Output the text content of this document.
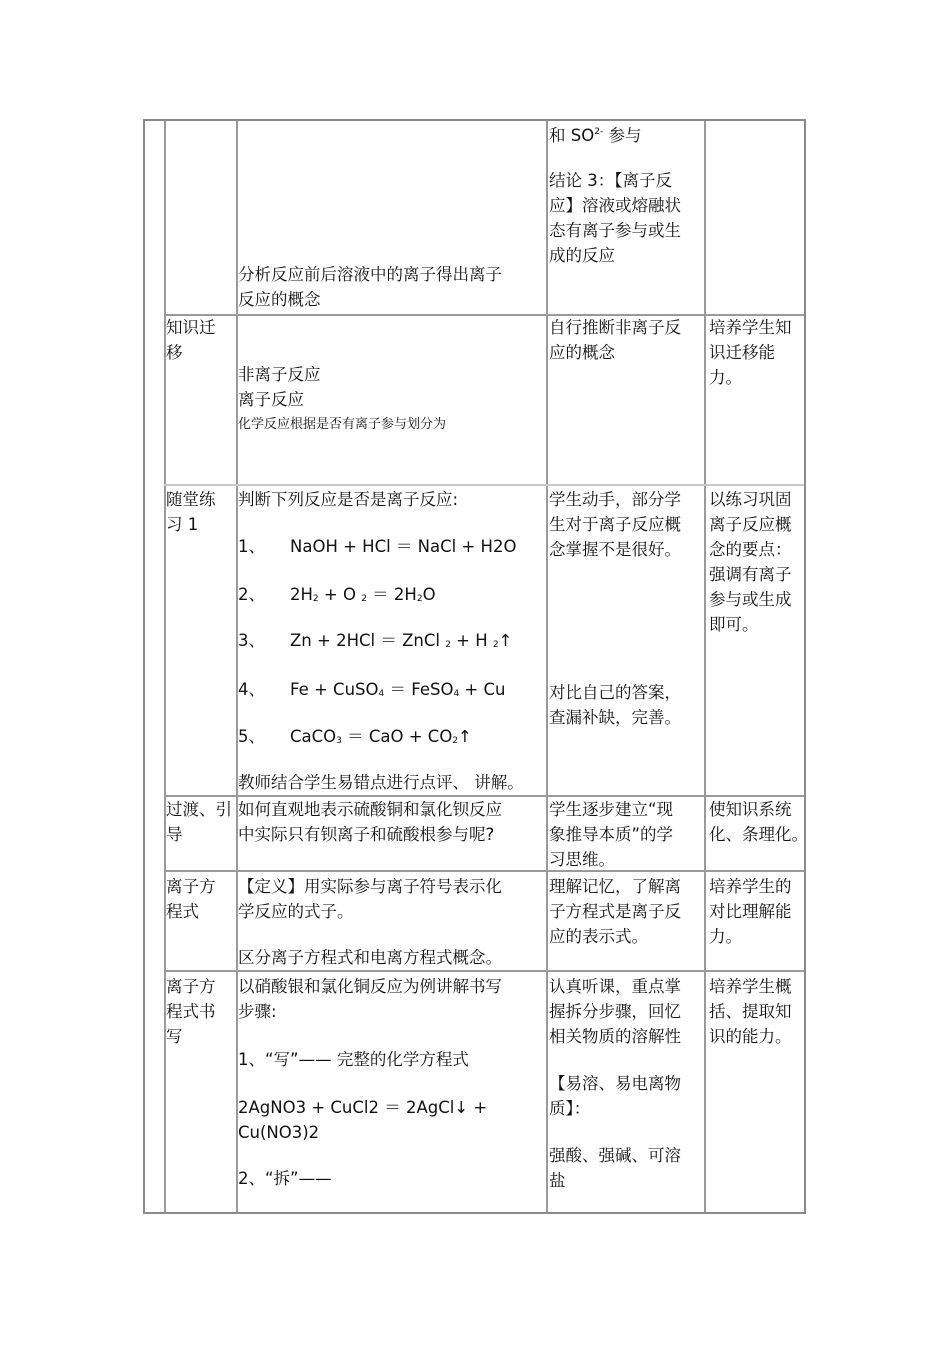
分析反应前后溶液中的离子得出离子
和 $SO^{2-}$ 参与
结论 3：【离子反
应】溶液或熔融状
态有离子参与或生
成的反应
知识迁
移
非离子反应
离子反应
化学反应根据是否有离子参与划分为
自行推断非离子反
应的概念
培养学生知
识迁移能
力。
随堂练
习 1
判断下列反应是否是离子反应:
1、 NaOH + HCl ＝ NaCl + H2O
2、 $2H_2 + O$ $_2 = 2H_2O$
3、 Zn + 2HCl ＝ ZnCl $_2$ + H $_2$↑
4、 Fe + CuSO$_4$ ＝ FeSO$_4$ + Cu
5、 CaCO$_3$ ＝ CaO + $CO_2↑$
教师结合学生易错点进行点评、 讲解。
学生动手，部分学
生对于离子反应概
念掌握不是很好。
对比自己的答案，
查漏补缺，完善。
以练习巩固
离子反应概
念的要点：
强调有离子
参与或生成
即可。
过渡、引
导
如何直观地表示硫酸铜和氯化钡反应
中实际只有钡离子和硫酸根参与呢?
学生逐步建立“现
象推导本质”的学
习思维。
使知识系统
化、条理化。
离子方
程式
【定义】用实际参与离子符号表示化
学反应的式子。
区分离子方程式和电离方程式概念。
理解记忆，了解离
子方程式是离子反
应的表示式。
培养学生的
对比理解能
力。
离子方
程式书
写
以硝酸银和氯化铜反应为例讲解书写
步骤:
1、“写”—— 完整的化学方程式
2AgNO3 + CuCl2 ＝ 2AgCl↓ +
Cu(NO3)2
2、“拆”——
认真听课，重点掌
握拆分步骤，回忆
相关物质的溶解性
【易溶、易电离物
质】：
强酸、强碱、可溶
盐
培养学生概
括、提取知
识的能力。
反应的概念
